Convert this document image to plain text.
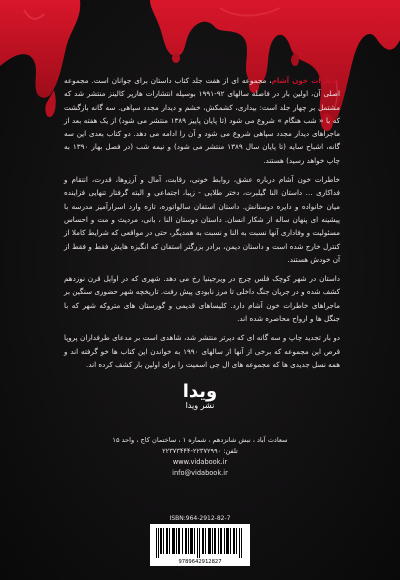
خاطرات خون آشام، مجموعه ای از هفت جلد کتاب داستان برای جوانان است. مجموعه اصلی آن، اولین بار در فاصله سالهای ۹۲-۱۹۹۱ بوسیله انتشارات هارپر کالینز منتشر شد که مشتمل بر چهار جلد است: بیداری، کشمکش، خشم و دیدار مجدد سپاهی. سه گانه بازگشت که با « شب هنگام » شروع می شود (تا پایان پاییز ۱۳۸۹ منتشر می شود) از یک هفته بعد از ماجراهای دیدار مجدد سپاهی شروع می شود و آن را ادامه می دهد. دو کتاب بعدی این سه گانه، اشباح سایه (تا پایان سال ۱۳۸۹ منتشر می شود) و نیمه شب (در فصل بهار ۱۳۹۰ به چاپ خواهد رسید) هستند.

خاطرات خون آشام درباره عشق، روابط خونی، رقابت، آمال و آرزوها، قدرت، انتقام و فداکاری … داستان النا گیلبرت، دختر طلایی - زیبا، اجتماعی و البته گرفتار تنهایی فزاینده میان خانواده و دایره دوستانش. داستان استفان سالواتوره، تازه وارد اسرارآمیز مدرسه با پیشینه ای پنهان ساله از شکار انسان. داستان دوستان النا ، بانی، مردیث و مت و احساس مسئولیت و وفاداری آنها نسبت به النا و نسبت به همدیگر، حتی در مواقعی که شرایط کاملا از کنترل خارج شده است و داستان دیمن، برادر بزرگتر استفان که انگیزه هایش فقط و فقط از آن خودش هستند.

داستان در شهر کوچک فلس چرچ در ویرجینیا رخ می دهد. شهری که در اوایل قرن نوزدهم کشف شده و در جریان جنگ داخلی تا مرز نابودی پیش رفت. تاریخچه شهر حضوری سنگین بر ماجراهای خاطرات خون آشام دارد. کلیساهای قدیمی و گورستان های متروکه شهر که با جنگل ها و ارواح محاصره شده اند.

دو بار تجدید چاپ و سه گانه ای که دیرتر منتشر شد، شاهدی است بر مدعای طرفداران پروپا قرص این مجموعه که برخی از آنها از سالهای ۱۹۹۰ به خواندن این کتاب ها خو گرفته اند و همه نسل جدیدی ها که مجموعه های ال جی اسمیت را برای اولین بار کشف کرده اند.

ویدا
نشر ویدا
سعادت آباد ، نبش شانزدهم ، شماره ۱ ، ساختمان کاج ، واحد ۱۵
تلفن: ۲۲۳۷۲۹۹۰-۲۲۳۷۳۴۴۴
www.vidabook.ir
info@vidabook.ir
ISBN:964-2912-82-7
9789642912827
